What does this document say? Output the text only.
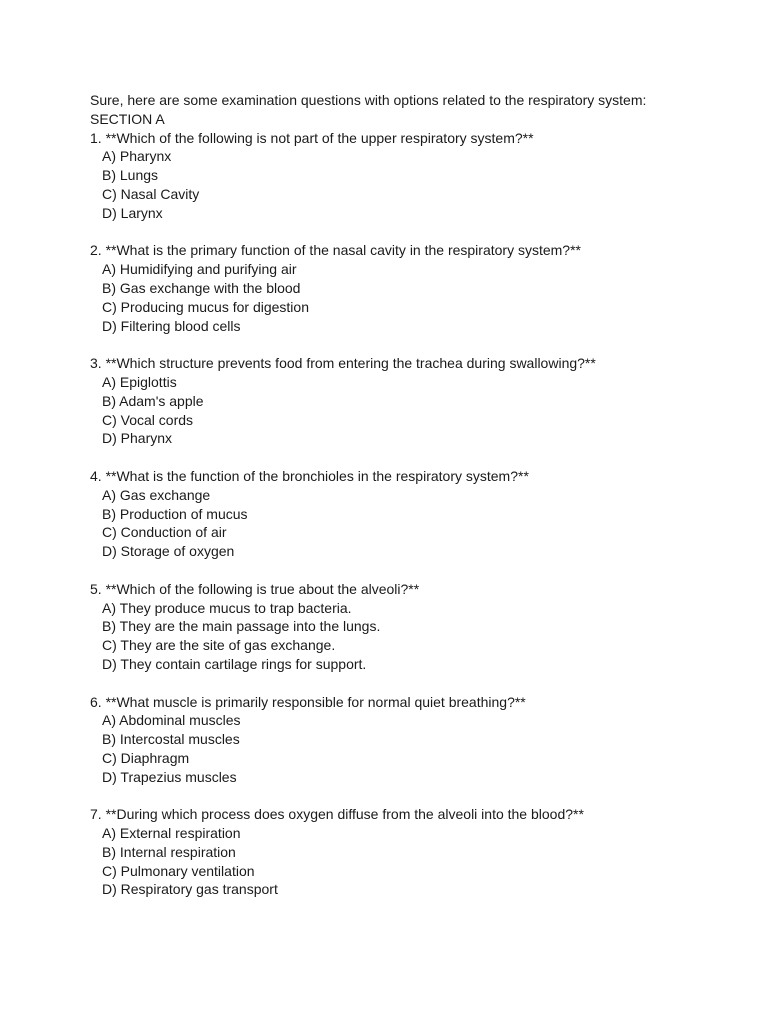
Sure, here are some examination questions with options related to the respiratory system:
SECTION A
1. **Which of the following is not part of the upper respiratory system?**
A) Pharynx
B) Lungs
C) Nasal Cavity
D) Larynx
2. **What is the primary function of the nasal cavity in the respiratory system?**
A) Humidifying and purifying air
B) Gas exchange with the blood
C) Producing mucus for digestion
D) Filtering blood cells
3. **Which structure prevents food from entering the trachea during swallowing?**
A) Epiglottis
B) Adam's apple
C) Vocal cords
D) Pharynx
4. **What is the function of the bronchioles in the respiratory system?**
A) Gas exchange
B) Production of mucus
C) Conduction of air
D) Storage of oxygen
5. **Which of the following is true about the alveoli?**
A) They produce mucus to trap bacteria.
B) They are the main passage into the lungs.
C) They are the site of gas exchange.
D) They contain cartilage rings for support.
6. **What muscle is primarily responsible for normal quiet breathing?**
A) Abdominal muscles
B) Intercostal muscles
C) Diaphragm
D) Trapezius muscles
7. **During which process does oxygen diffuse from the alveoli into the blood?**
A) External respiration
B) Internal respiration
C) Pulmonary ventilation
D) Respiratory gas transport
